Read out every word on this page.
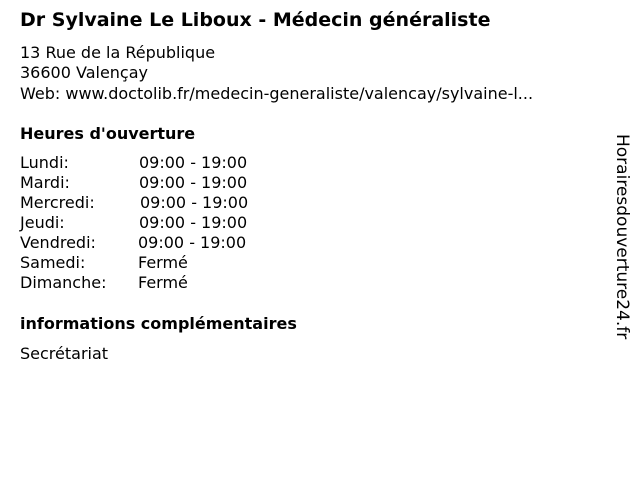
Dr Sylvaine Le Liboux - Médecin généraliste
13 Rue de la République
36600 Valençay
Web: www.doctolib.fr/medecin-generaliste/valencay/sylvaine-l...
Heures d'ouverture
Lundi:	09:00 - 19:00
Mardi:	09:00 - 19:00
Mercredi:	09:00 - 19:00
Jeudi:	09:00 - 19:00
Vendredi:	09:00 - 19:00
Samedi:	Fermé
Dimanche: Fermé
informations complémentaires
Secrétariat
Horairesdouverture24.fr
